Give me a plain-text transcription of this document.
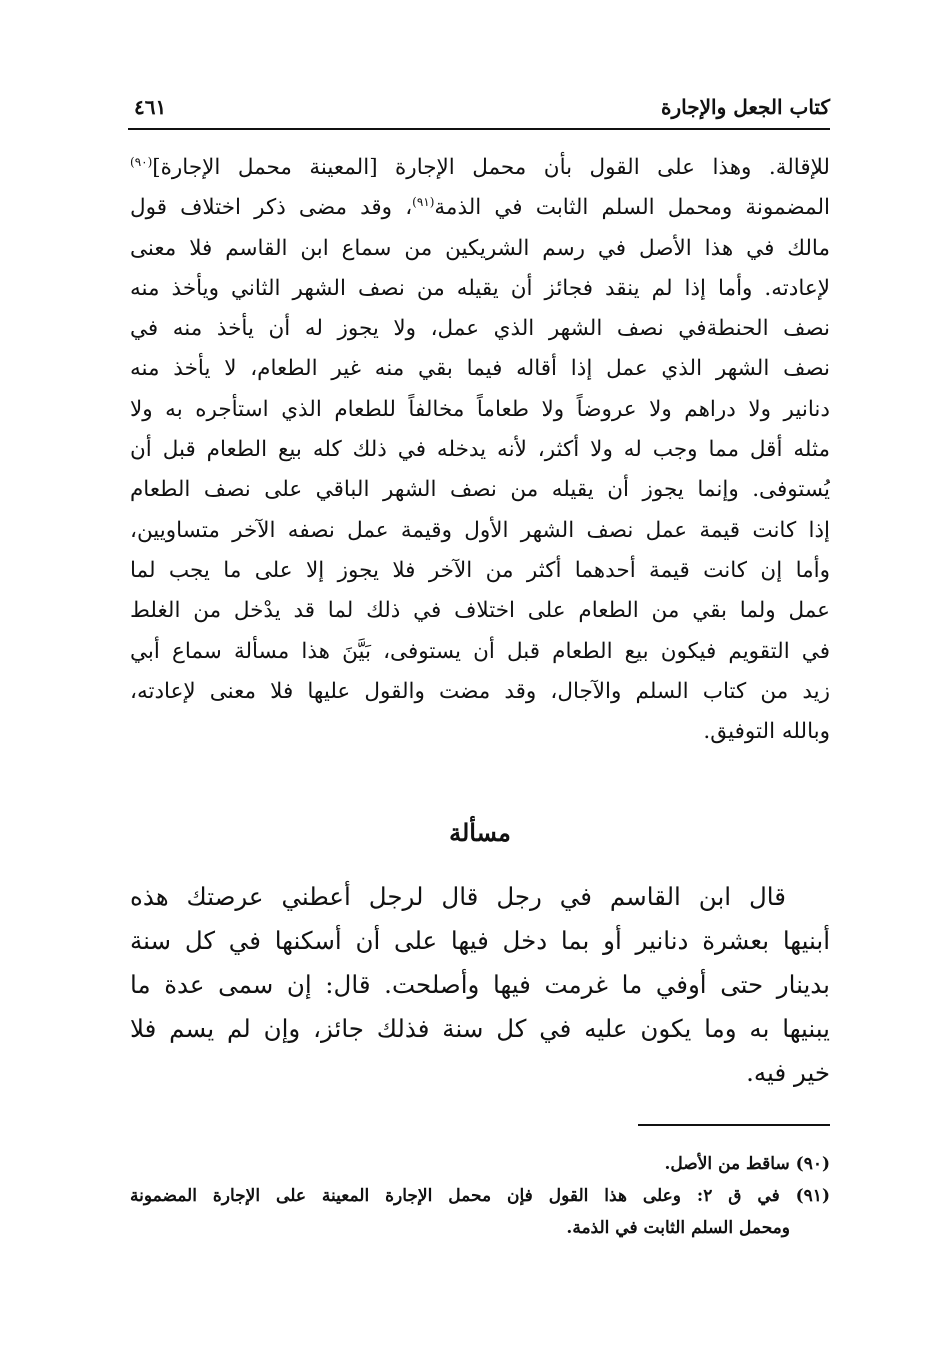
كتاب الجعل والإجارة
٤٦١
للإقالة. وهذا على القول بأن محمل الإجارة [المعينة محمل الإجارة]$^{(٩٠)}$
المضمونة ومحمل السلم الثابت في الذمة$^{(٩١)}$، وقد مضى ذكر اختلاف قول
مالك في هذا الأصل في رسم الشريكين من سماع ابن القاسم فلا معنى
لإعادته. وأما إذا لم ينقد فجائز أن يقيله من نصف الشهر الثاني ويأخذ منه
نصف الحنطةفي نصف الشهر الذي عمل، ولا يجوز له أن يأخذ منه في
نصف الشهر الذي عمل إذا أقاله فيما بقي منه غير الطعام، لا يأخذ منه
دنانير ولا دراهم ولا عروضاً ولا طعاماً مخالفاً للطعام الذي استأجره به ولا
مثله أقل مما وجب له ولا أكثر، لأنه يدخله في ذلك كله بيع الطعام قبل أن
يُستوفى. وإنما يجوز أن يقيله من نصف الشهر الباقي على نصف الطعام
إذا كانت قيمة عمل نصف الشهر الأول وقيمة عمل نصفه الآخر متساويين،
وأما إن كانت قيمة أحدهما أكثر من الآخر فلا يجوز إلا على ما يجب لما
عمل ولما بقي من الطعام على اختلاف في ذلك لما قد يدْخل من الغلط
في التقويم فيكون بيع الطعام قبل أن يستوفى، بَيَّنَ هذا مسألة سماع أبي
زيد من كتاب السلم والآجال، وقد مضت والقول عليها فلا معنى لإعادته،
وبالله التوفيق.
مسألة
قال ابن القاسم في رجل قال لرجل أعطني عرصتك هذه
أبنيها بعشرة دنانير أو بما دخل فيها على أن أسكنها في كل سنة
بدينار حتى أوفي ما غرمت فيها وأصلحت. قال: إن سمى عدة ما
يبنيها به وما يكون عليه في كل سنة فذلك جائز، وإن لم يسم فلا
خير فيه.
(٩٠) ساقط من الأصل.
(٩١) في ق ٢: وعلى هذا القول فإن محمل الإجارة المعينة على الإجارة المضمونة
ومحمل السلم الثابت في الذمة.
